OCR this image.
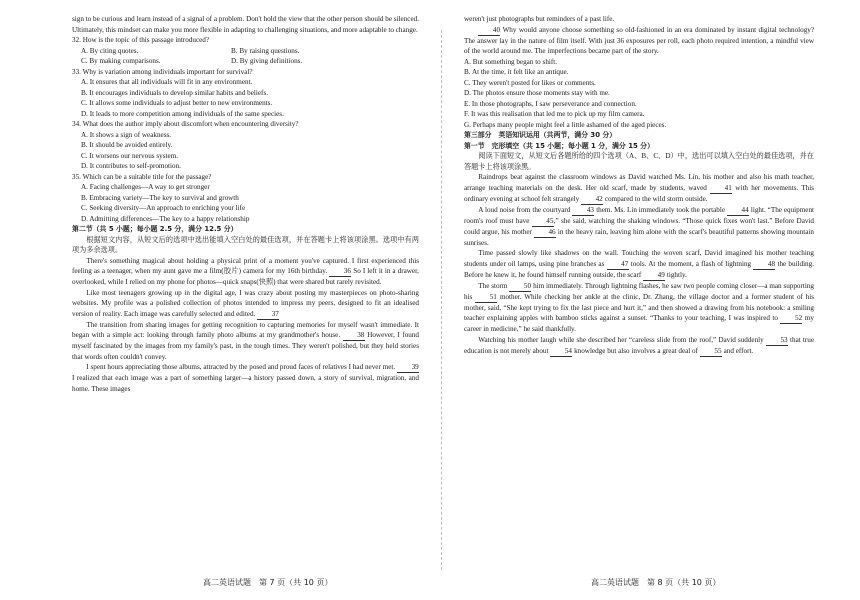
sign to be curious and learn instead of a signal of a problem. Don't hold the view that the other person should be silenced. Ultimately, this mindset can make you more flexible in adapting to challenging situations, and more adaptable to change.

32. How is the topic of this passage introduced?

A. By citing quotes.	B. By raising questions.
C. By making comparisons.	D. By giving definitions.

33. Why is variation among individuals important for survival?

A. It ensures that all individuals will fit in any environment.

B. It encourages individuals to develop similar habits and beliefs.

C. It allows some individuals to adjust better to new environments.

D. It leads to more competition among individuals of the same species.

34. What does the author imply about discomfort when encountering diversity?

A. It shows a sign of weakness.

B. It should be avoided entirely.

C. It worsens our nervous system.

D. It contributes to self-promotion.

35. Which can be a suitable title for the passage?

A. Facing challenges—A way to get stronger

B. Embracing variety—The key to survival and growth

C. Seeking diversity—An approach to enriching your life

D. Admitting differences—The key to a happy relationship

第二节（共 5 小题；每小题 2.5 分，满分 12.5 分）

根据短文内容，从短文后的选项中选出能填入空白处的最佳选项，并在答题卡上将该项涂黑。选项中有两项为多余选项。

There's something magical about holding a physical print of a moment you've captured. I first experienced this feeling as a teenager, when my aunt gave me a film(胶片) camera for my 16th birthday. 36 So I left it in a drawer, overlooked, while I relied on my phone for photos—quick snaps(快照) that were shared but rarely revisited.

Like most teenagers growing up in the digital age, I was crazy about posting my masterpieces on photo-sharing websites. My profile was a polished collection of photos intended to impress my peers, designed to fit an idealised version of reality. Each image was carefully selected and edited. 37

The transition from sharing images for getting recognition to capturing memories for myself wasn't immediate. It began with a simple act: looking through family photo albums at my grandmother's house. 38 However, I found myself fascinated by the images from my family's past, in the tough times. They weren't polished, but they held stories that words often couldn't convey.

I spent hours appreciating those albums, attracted by the posed and proud faces of relatives I had never met. 39 I realized that each image was a part of something larger—a history passed down, a story of survival, migration, and home. These images

weren't just photographs but reminders of a past life.

40 Why would anyone choose something so old-fashioned in an era dominated by instant digital technology? The answer lay in the nature of film itself. With just 36 exposures per roll, each photo required intention, a mindful view of the world around me. The imperfections became part of the story.

A. But something began to shift.

B. At the time, it felt like an antique.

C. They weren't posted for likes or comments.

D. The photos ensure those moments stay with me.

E. In those photographs, I saw perseverance and connection.

F. It was this realisation that led me to pick up my film camera.

G. Perhaps many people might feel a little ashamed of the aged pieces.

第三部分　英语知识运用（共两节，满分 30 分）

第一节　完形填空（共 15 小题；每小题 1 分，满分 15 分）

阅读下面短文，从短文后各题所给的四个选项（A、B、C、D）中，选出可以填入空白处的最佳选项，并在答题卡上将该项涂黑。

Raindrops beat against the classroom windows as David watched Ms. Lin, his mother and also his math teacher, arrange teaching materials on the desk. Her old scarf, made by students, waved 41 with her movements. This ordinary evening at school felt strangely 42 compared to the wild storm outside.

A loud noise from the courtyard 43 them. Ms. Lin immediately took the portable 44 light. “The equipment room's roof must have 45,” she said, watching the shaking windows. “Those quick fixes won't last.” Before David could argue, his mother 46 in the heavy rain, leaving him alone with the scarf's beautiful patterns showing mountain sunrises.

Time passed slowly like shadows on the wall. Touching the woven scarf, David imagined his mother teaching students under oil lamps, using pine branches as 47 tools. At the moment, a flash of lightning 48 the building. Before he knew it, he found himself running outside, the scarf 49 tightly.

The storm 50 him immediately. Through lightning flashes, he saw two people coming closer—a man supporting his 51 mother. While checking her ankle at the clinic, Dr. Zhang, the village doctor and a former student of his mother, said, “She kept trying to fix the last piece and hurt it,” and then showed a drawing from his notebook: a smiling teacher explaining apples with bamboo sticks against a sunset. “Thanks to your teaching, I was inspired to 52 my career in medicine,” he said thankfully.

Watching his mother laugh while she described her “careless slide from the roof,” David suddenly 53 that true education is not merely about 54 knowledge but also involves a great deal of 55 and effort.

高二英语试题　第 7 页（共 10 页）	高二英语试题　第 8 页（共 10 页）
